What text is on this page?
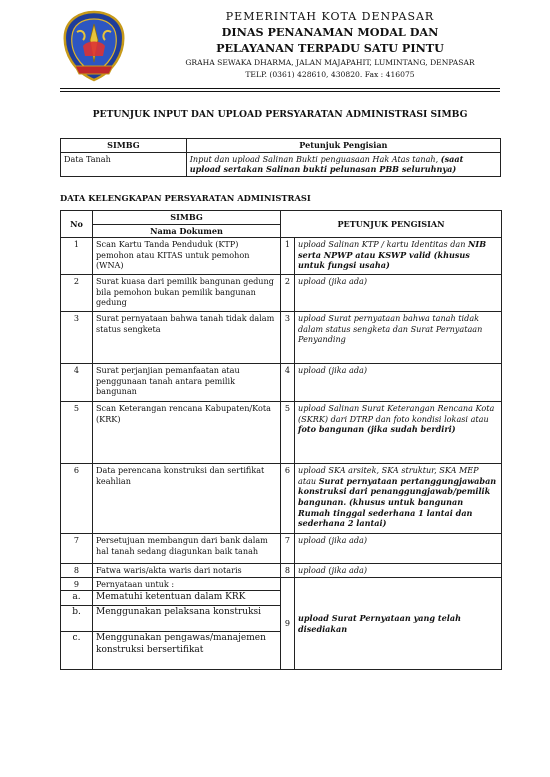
PEMERINTAH KOTA DENPASAR
DINAS PENANAMAN MODAL DAN
PELAYANAN TERPADU SATU PINTU
GRAHA SEWAKA DHARMA, JALAN MAJAPAHIT, LUMINTANG, DENPASAR
TELP. (0361) 428610, 430820. Fax : 416075
PETUNJUK INPUT DAN UPLOAD PERSYARATAN ADMINISTRASI SIMBG
SIMBG	Petunjuk Pengisian
Data Tanah	Input dan upload Salinan Bukti penguasaan Hak Atas tanah, (saat upload sertakan Salinan bukti pelunasan PBB seluruhnya)
DATA KELENGKAPAN PERSYARATAN ADMINISTRASI
No	SIMBG	PETUNJUK PENGISIAN	
	Nama Dokumen		
1	Scan Kartu Tanda Penduduk (KTP) pemohon atau KITAS untuk pemohon (WNA)	1	upload Salinan KTP / kartu Identitas dan NIB serta NPWP atau KSWP valid (khusus untuk fungsi usaha)
2	Surat kuasa dari pemilik bangunan gedung bila pemohon bukan pemilik bangunan gedung	2	upload (jika ada)
3	Surat pernyataan bahwa tanah tidak dalam status sengketa	3	upload Surat pernyataan bahwa tanah tidak dalam status sengketa dan Surat Pernyataan Penyanding
4	Surat perjanjian pemanfaatan atau penggunaan tanah antara pemilik bangunan	4	upload (jika ada)
5	Scan Keterangan rencana Kabupaten/Kota (KRK)	5	upload Salinan Surat Keterangan Rencana Kota (SKRK) dari DTRP dan foto kondisi lokasi atau foto bangunan (jika sudah berdiri)
6	Data perencana konstruksi dan sertifikat keahlian	6	upload SKA arsitek, SKA struktur, SKA MEP atau Surat pernyataan pertanggungjawaban konstruksi dari penanggungjawab/pemilik bangunan. (khusus untuk bangunan Rumah tinggal sederhana 1 lantai dan sederhana 2 lantai)
7	Persetujuan membangun dari bank dalam hal tanah sedang diagunkan baik tanah	7	upload (jika ada)
8	Fatwa waris/akta waris dari notaris	8	upload (jika ada)
9	Pernyataan untuk :	9	upload Surat Pernyataan yang telah disediakan
a.	Mematuhi ketentuan dalam KRK		
b.	Menggunakan pelaksana konstruksi		
c.	Menggunakan pengawas/manajemen konstruksi bersertifikat		
